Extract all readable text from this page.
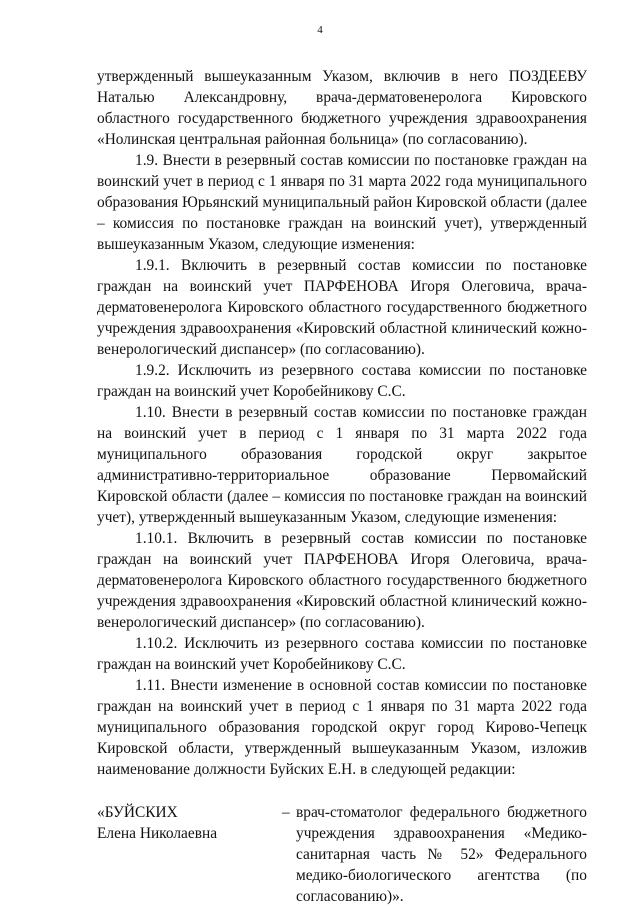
4

утвержденный вышеуказанным Указом, включив в него ПОЗДЕЕВУ Наталью Александровну, врача-дерматовенеролога Кировского областного государственного бюджетного учреждения здравоохранения «Нолинская центральная районная больница» (по согласованию).

1.9. Внести в резервный состав комиссии по постановке граждан на воинский учет в период с 1 января по 31 марта 2022 года муниципального образования Юрьянский муниципальный район Кировской области (далее – комиссия по постановке граждан на воинский учет), утвержденный вышеуказанным Указом, следующие изменения:

1.9.1. Включить в резервный состав комиссии по постановке граждан на воинский учет ПАРФЕНОВА Игоря Олеговича, врача-дерматовенеролога Кировского областного государственного бюджетного учреждения здравоохранения «Кировский областной клинический кожно-венерологический диспансер» (по согласованию).

1.9.2. Исключить из резервного состава комиссии по постановке граждан на воинский учет Коробейникову С.С.

1.10. Внести в резервный состав комиссии по постановке граждан на воинский учет в период с 1 января по 31 марта 2022 года муниципального образования городской округ закрытое административно-территориальное образование Первомайский Кировской области (далее – комиссия по постановке граждан на воинский учет), утвержденный вышеуказанным Указом, следующие изменения:

1.10.1. Включить в резервный состав комиссии по постановке граждан на воинский учет ПАРФЕНОВА Игоря Олеговича, врача-дерматовенеролога Кировского областного государственного бюджетного учреждения здравоохранения «Кировский областной клинический кожно-венерологический диспансер» (по согласованию).

1.10.2. Исключить из резервного состава комиссии по постановке граждан на воинский учет Коробейникову С.С.

1.11. Внести изменение в основной состав комиссии по постановке граждан на воинский учет в период с 1 января по 31 марта 2022 года муниципального образования городской округ город Кирово-Чепецк Кировской области, утвержденный вышеуказанным Указом, изложив наименование должности Буйских Е.Н. в следующей редакции:

«БУЙСКИХ
Елена Николаевна
– врач-стоматолог федерального бюджетного учреждения здравоохранения «Медико-санитарная часть № 52» Федерального медико-биологического агентства (по согласованию)».
